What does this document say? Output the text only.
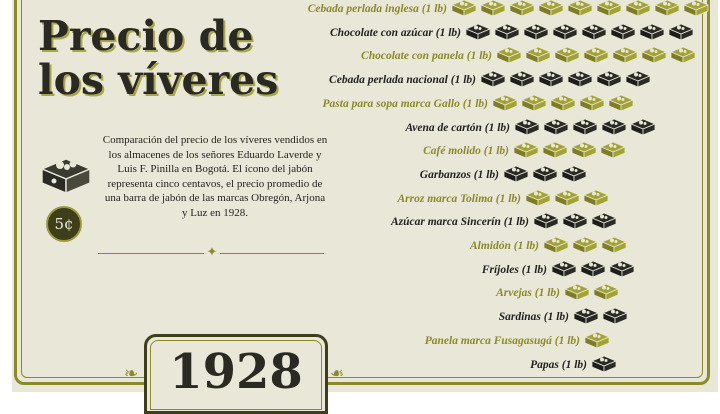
Precio de
los víveres
5¢

Comparación del precio de los víveres vendidos en los almacenes de los señores Eduardo Laverde y Luis F. Pinilla en Bogotá. El ícono del jabón representa cinco centavos, el precio promedio de una barra de jabón de las marcas Obregón, Arjona y Luz en 1928.

✦
1928
❧	❧
Cebada perlada inglesa (1 lb)
Chocolate con azúcar (1 lb)
Chocolate con panela (1 lb)
Cebada perlada nacional (1 lb)
Pasta para sopa marca Gallo (1 lb)
Avena de cartón (1 lb)
Café molido (1 lb)
Garbanzos (1 lb)
Arroz marca Tolima (1 lb)
Azúcar marca Sincerín (1 lb)
Almidón (1 lb)
Fríjoles (1 lb)
Arvejas (1 lb)
Sardinas (1 lb)
Panela marca Fusagasugá (1 lb)
Papas (1 lb)
